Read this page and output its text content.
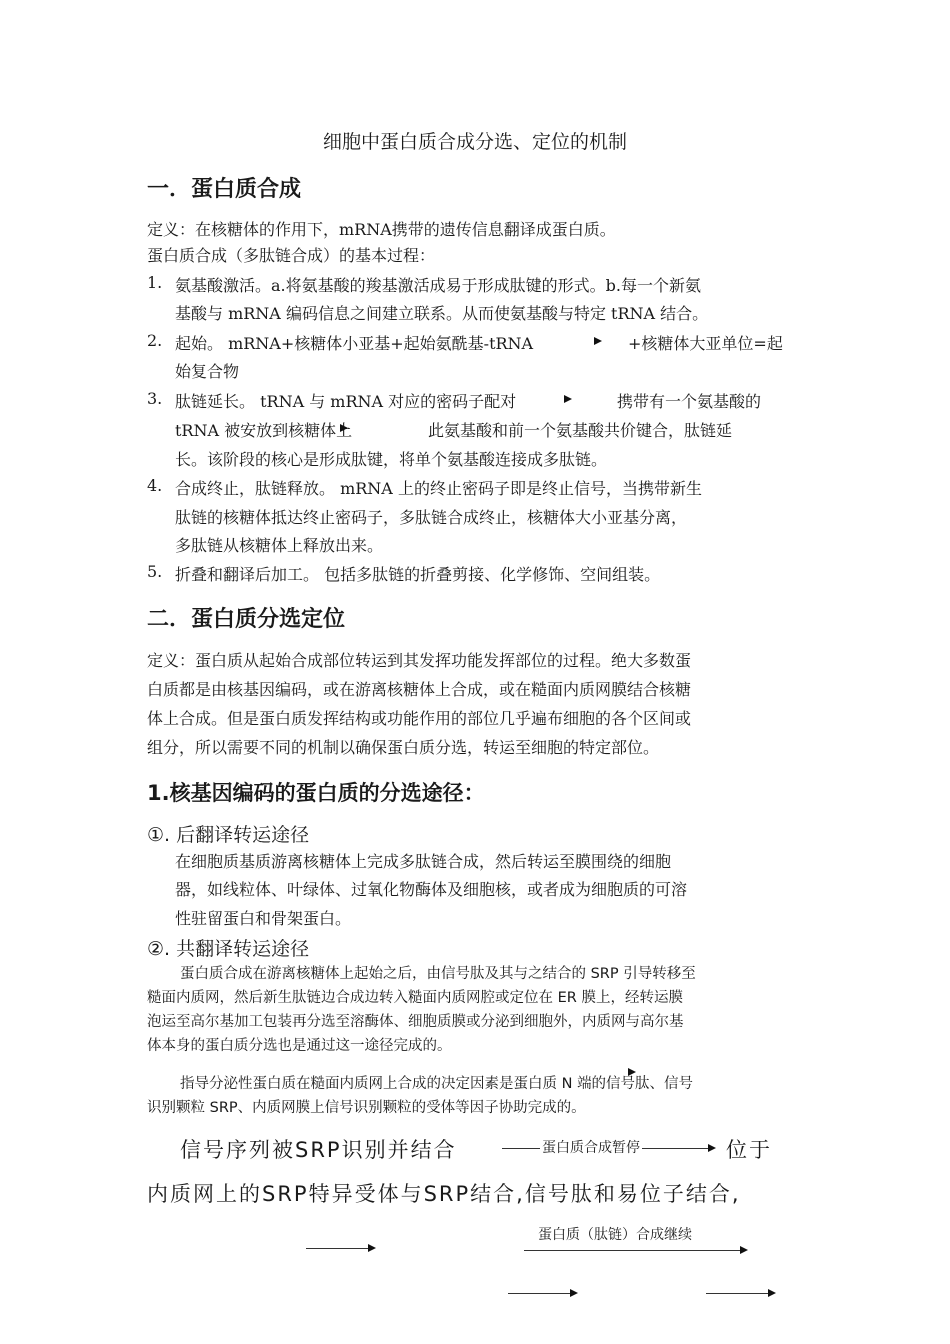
细胞中蛋白质合成分选、定位的机制
一．蛋白质合成
定义：在核糖体的作用下，mRNA携带的遗传信息翻译成蛋白质。
蛋白质合成（多肽链合成）的基本过程：
1. 氨基酸激活。a.将氨基酸的羧基激活成易于形成肽键的形式。b.每一个新氨
基酸与 mRNA 编码信息之间建立联系。从而使氨基酸与特定 tRNA 结合。
2. 起始。 mRNA+核糖体小亚基+起始氨酰基-tRNA	+核糖体大亚单位=起
始复合物
3. 肽链延长。 tRNA 与 mRNA 对应的密码子配对	携带有一个氨基酸的
tRNA 被安放到核糖体上	此氨基酸和前一个氨基酸共价键合，肽链延
长。该阶段的核心是形成肽键，将单个氨基酸连接成多肽链。
4. 合成终止，肽链释放。 mRNA 上的终止密码子即是终止信号，当携带新生
肽链的核糖体抵达终止密码子，多肽链合成终止，核糖体大小亚基分离，
多肽链从核糖体上释放出来。
5. 折叠和翻译后加工。 包括多肽链的折叠剪接、化学修饰、空间组装。
二．蛋白质分选定位
定义：蛋白质从起始合成部位转运到其发挥功能发挥部位的过程。绝大多数蛋
白质都是由核基因编码，或在游离核糖体上合成，或在糙面内质网膜结合核糖
体上合成。但是蛋白质发挥结构或功能作用的部位几乎遍布细胞的各个区间或
组分，所以需要不同的机制以确保蛋白质分选，转运至细胞的特定部位。
1.核基因编码的蛋白质的分选途径：
①. 后翻译转运途径
在细胞质基质游离核糖体上完成多肽链合成，然后转运至膜围绕的细胞
器，如线粒体、叶绿体、过氧化物酶体及细胞核，或者成为细胞质的可溶
性驻留蛋白和骨架蛋白。
②. 共翻译转运途径
蛋白质合成在游离核糖体上起始之后，由信号肽及其与之结合的 SRP 引导转移至
糙面内质网，然后新生肽链边合成边转入糙面内质网腔或定位在 ER 膜上，经转运膜
泡运至高尔基加工包装再分选至溶酶体、细胞质膜或分泌到细胞外，内质网与高尔基
体本身的蛋白质分选也是通过这一途径完成的。
指导分泌性蛋白质在糙面内质网上合成的决定因素是蛋白质 N 端的信号肽、信号
识别颗粒 SRP、内质网膜上信号识别颗粒的受体等因子协助完成的。
信号序列被SRP识别并结合	蛋白质合成暂停	位于
内质网上的SRP特异受体与SRP结合,信号肽和易位子结合,
蛋白质（肽链）合成继续
